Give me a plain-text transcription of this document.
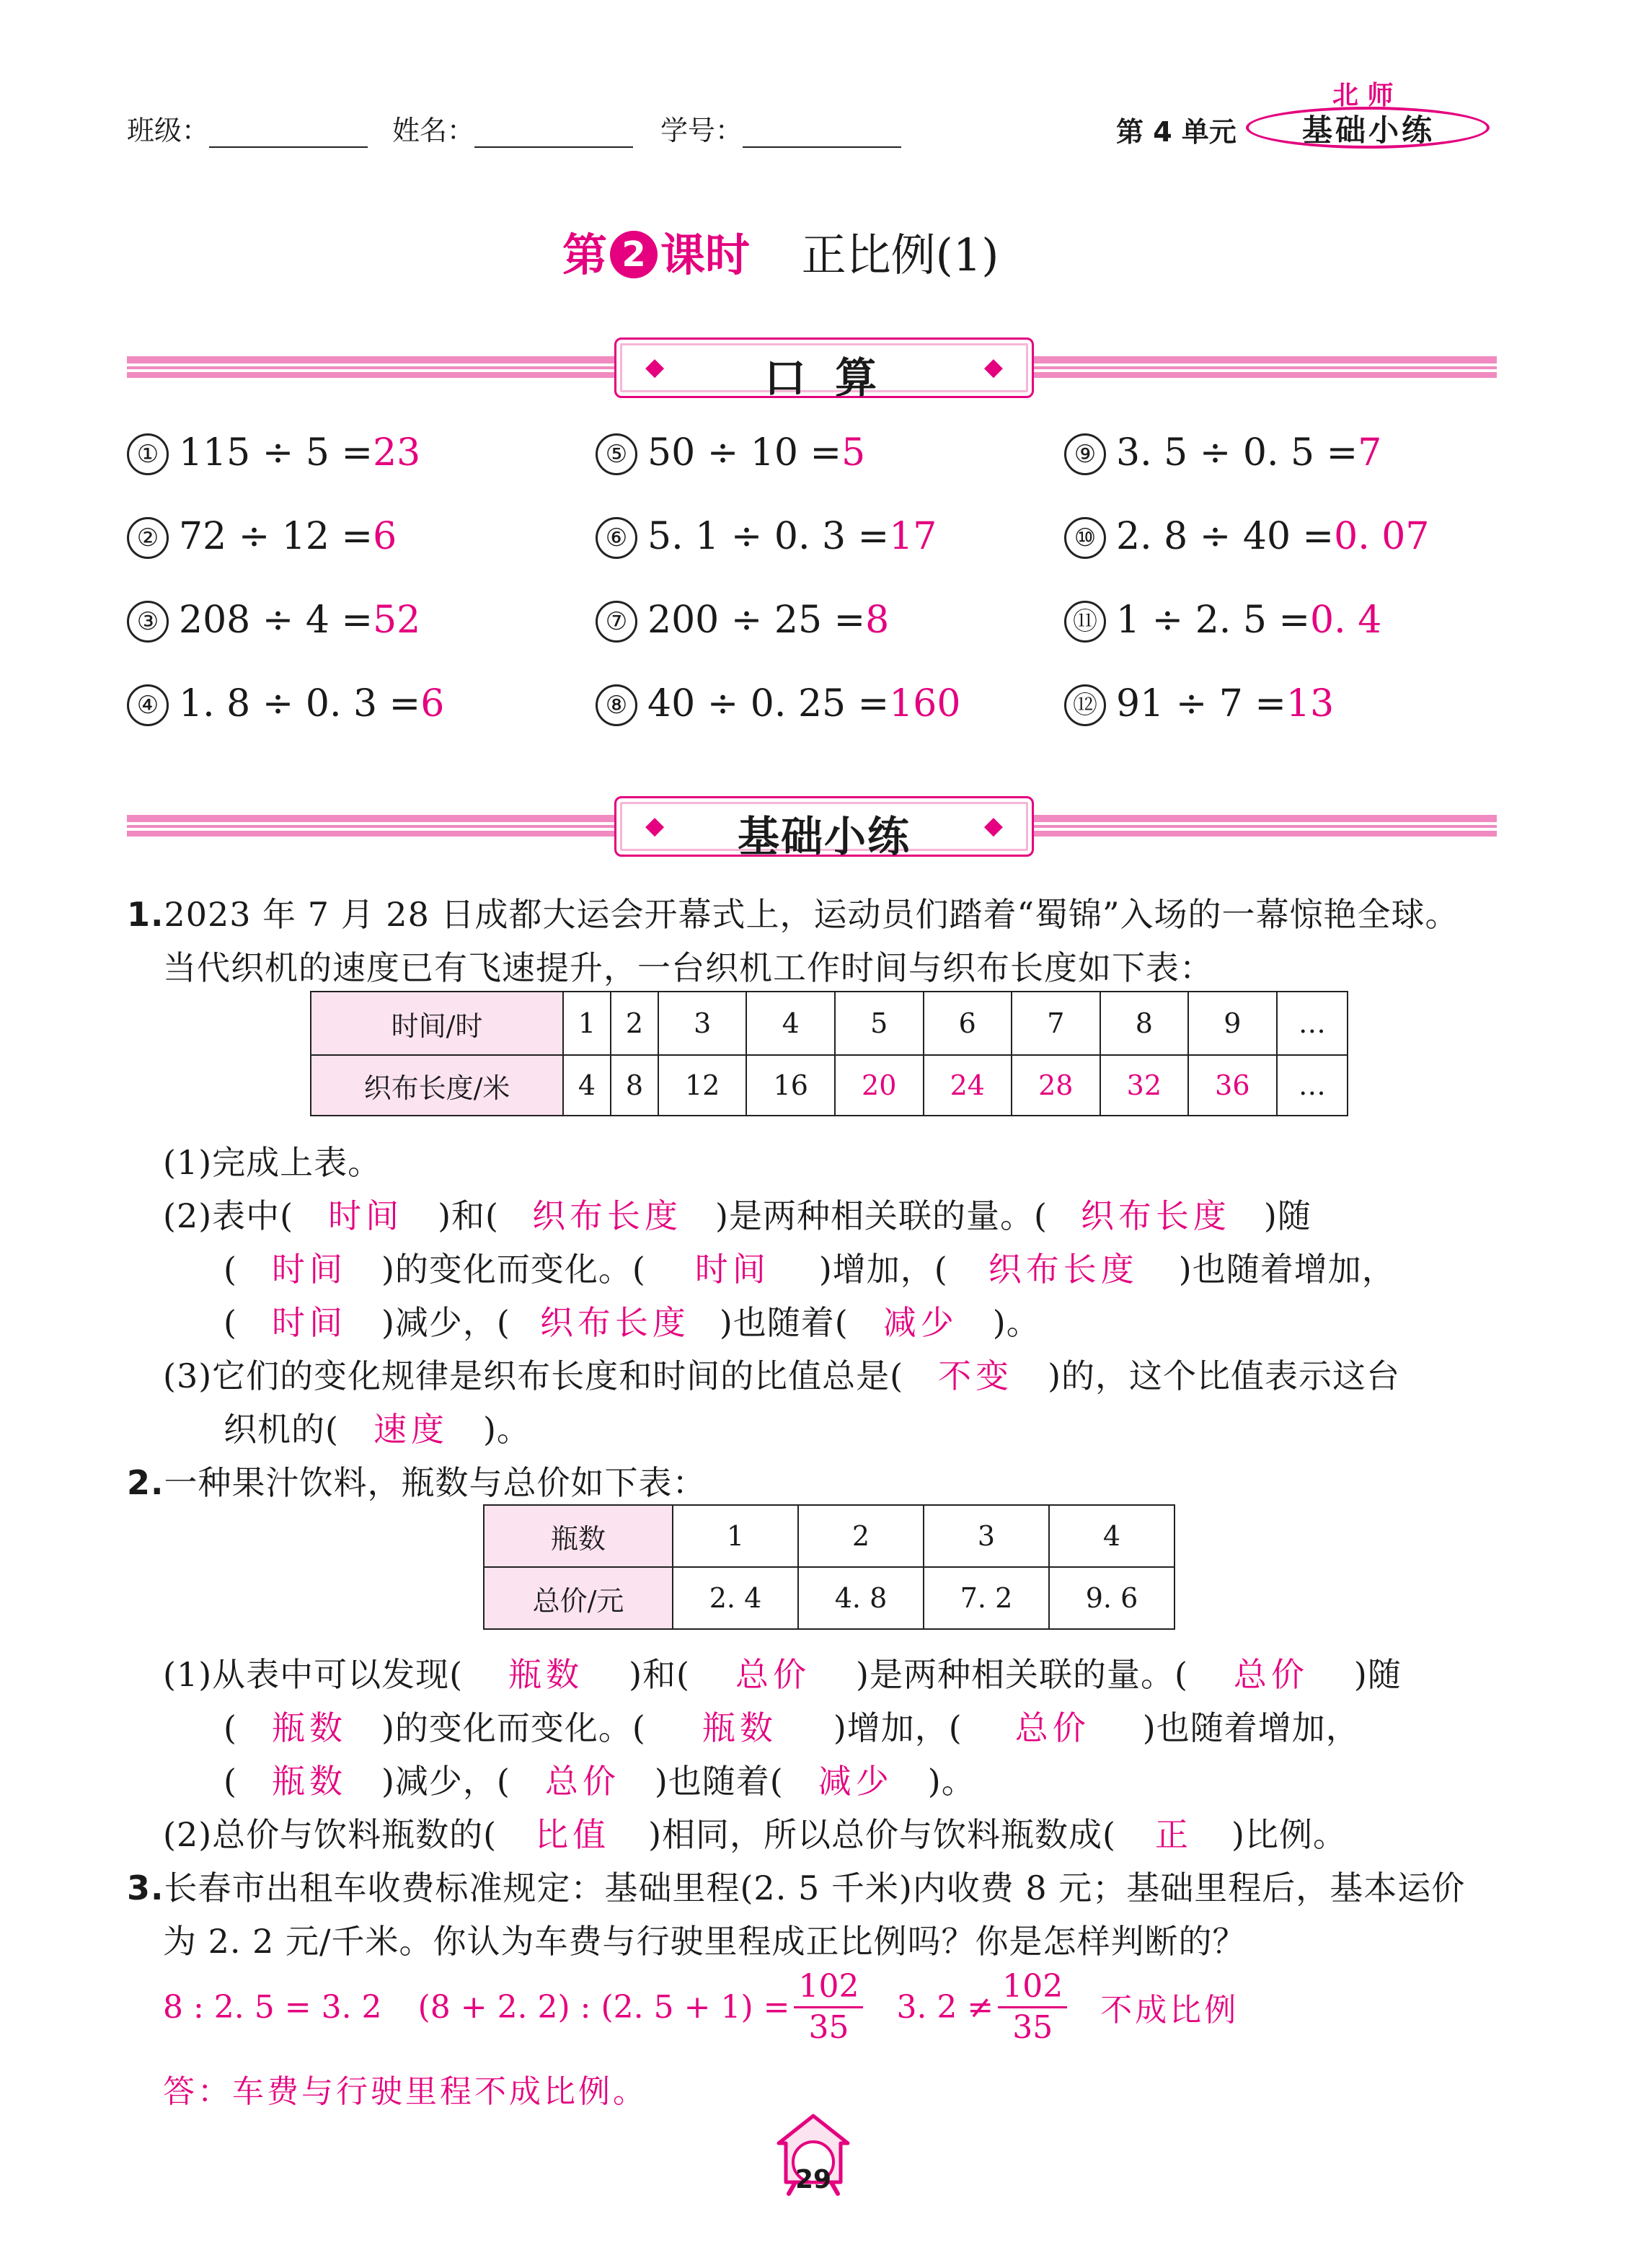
班级：	姓名：	学号：	第 4 单元
北 师
基础小练
第 2 课时 正比例(1)
◆	口 算	◆
① 115 ÷ 5 =23
② 72 ÷ 12 =6
③ 208 ÷ 4 =52
④ 1. 8 ÷ 0. 3 =6
⑤ 50 ÷ 10 =5
⑥ 5. 1 ÷ 0. 3 =17
⑦ 200 ÷ 25 =8
⑧ 40 ÷ 0. 25 =160
⑨ 3. 5 ÷ 0. 5 =7
⑩ 2. 8 ÷ 40 =0. 07
⑪ 1 ÷ 2. 5 =0. 4
⑫ 91 ÷ 7 =13
◆	基础小练	◆
1.2023 年 7 月 28 日成都大运会开幕式上，运动员们踏着“蜀锦”入场的一幕惊艳全球。
当代织机的速度已有飞速提升，一台织机工作时间与织布长度如下表：
时间/时	1	2	3	4	5	6	7	8	9	…
织布长度/米	4	8	12	16	20	24	28	32	36	…
(1)完成上表。
(2)表中( 时间 )和( 织布长度 )是两种相关联的量。( 织布长度 )随
( 时间 )的变化而变化。( 时间 )增加，( 织布长度 )也随着增加，
( 时间 )减少，( 织布长度 )也随着( 减少 )。
(3)它们的变化规律是织布长度和时间的比值总是( 不变 )的，这个比值表示这台
织机的( 速度 )。
2.一种果汁饮料，瓶数与总价如下表：
瓶数	1	2	3	4
总价/元	2. 4	4. 8	7. 2	9. 6
(1)从表中可以发现( 瓶数 )和( 总价 )是两种相关联的量。( 总价 )随
( 瓶数 )的变化而变化。( 瓶数 )增加，( 总价 )也随着增加，
( 瓶数 )减少，( 总价 )也随着( 减少 )。
(2)总价与饮料瓶数的( 比值 )相同，所以总价与饮料瓶数成( 正 )比例。
3.长春市出租车收费标准规定：基础里程(2. 5 千米)内收费 8 元；基础里程后，基本运价
为 2. 2 元/千米。你认为车费与行驶里程成正比例吗？你是怎样判断的？
8 : 2. 5 = 3. 2 (8 + 2. 2) : (2. $5 + 1) = \frac{102}{35} 3$. $2 \ne \frac{102}{35}$ 不成比例
答：车费与行驶里程不成比例。
29
